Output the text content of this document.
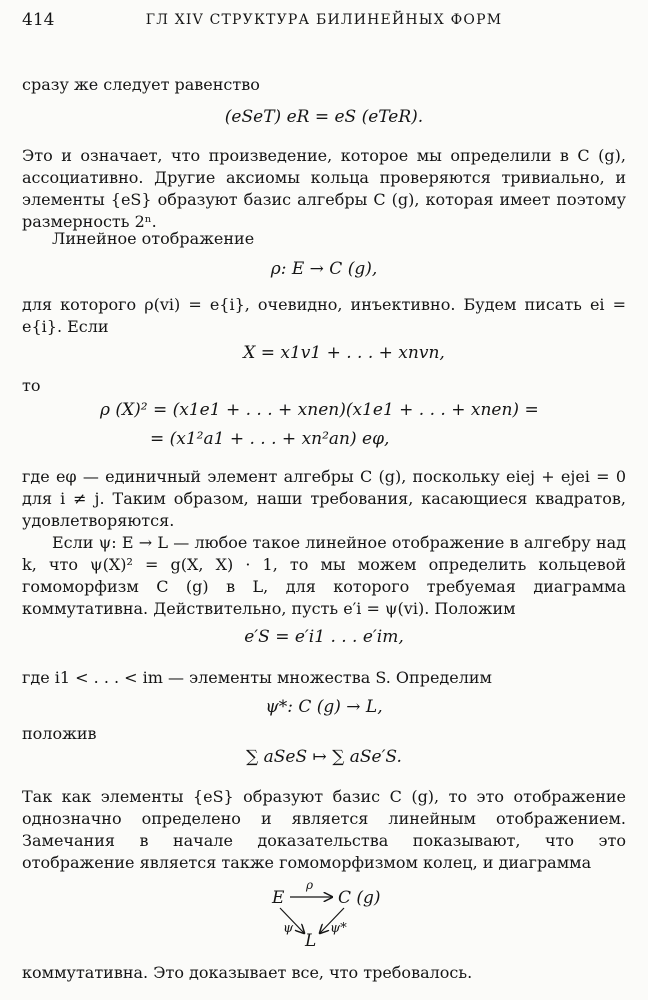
414	ГЛ XIV СТРУКТУРА БИЛИНЕЙНЫХ ФОРМ
сразу же следует равенство
(eSeT) eR = eS (eTeR).
Это и означает, что произведение, которое мы определили в C (g), ассоциативно. Другие аксиомы кольца проверяются тривиально, и элементы {eS} образуют базис алгебры C (g), которая имеет поэтому размерность 2ⁿ.
Линейное отображение
ρ: E → C (g),
для которого ρ(vi) = e{i}, очевидно, инъективно. Будем писать ei = e{i}. Если
X = x1v1 + . . . + xnvn,
то
ρ (X)² = (x1e1 + . . . + xnen)(x1e1 + . . . + xnen) =
= (x1²a1 + . . . + xn²an) eφ,
где eφ — единичный элемент алгебры C (g), поскольку eiej + ejei = 0 для i ≠ j. Таким образом, наши требования, касающиеся квадратов, удовлетворяются.
Если ψ: E → L — любое такое линейное отображение в алгебру над k, что ψ(X)² = g(X, X) · 1, то мы можем определить кольцевой гомоморфизм C (g) в L, для которого требуемая диаграмма коммутативна. Действительно, пусть e′i = ψ(vi). Положим
e′S = e′i1 . . . e′im,
где i1 < . . . < im — элементы множества S. Определим
ψ*: C (g) → L,
положив
∑ aSeS ↦ ∑ aSe′S.
Так как элементы {eS} образуют базис C (g), то это отображение однозначно определено и является линейным отображением. Замечания в начале доказательства показывают, что это отображение является также гомоморфизмом колец, и диаграмма
E	C (g)
ρ
ψ	ψ*
L
коммутативна. Это доказывает все, что требовалось.
